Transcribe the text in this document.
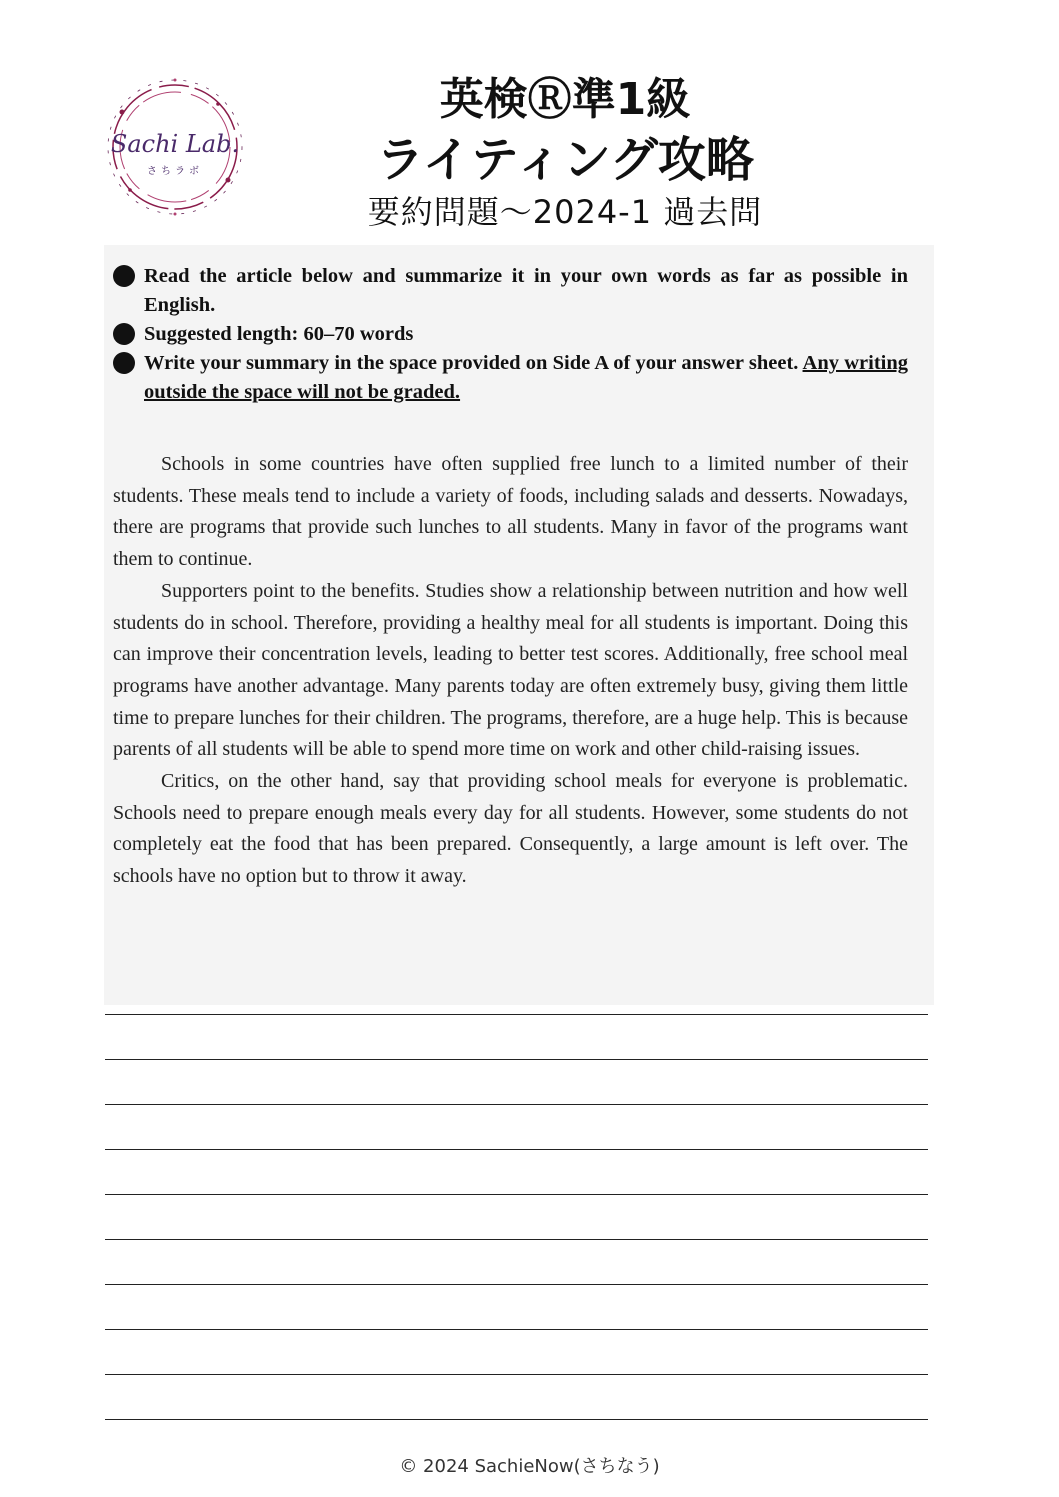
Sachi Lab.
さちラボ
英検Ⓡ準1級
ライティング攻略
要約問題～2024-1 過去問
Read the article below and summarize it in your own words as far as possible in English.
Suggested length: 60–70 words
Write your summary in the space provided on Side A of your answer sheet. Any writing outside the space will not be graded.

Schools in some countries have often supplied free lunch to a limited number of their students. These meals tend to include a variety of foods, including salads and desserts. Nowadays, there are programs that provide such lunches to all students. Many in favor of the programs want them to continue.

Supporters point to the benefits. Studies show a relationship between nutrition and how well students do in school. Therefore, providing a healthy meal for all students is important. Doing this can improve their concentration levels, leading to better test scores. Additionally, free school meal programs have another advantage. Many parents today are often extremely busy, giving them little time to prepare lunches for their children. The programs, therefore, are a huge help. This is because parents of all students will be able to spend more time on work and other child-raising issues.

Critics, on the other hand, say that providing school meals for everyone is problematic. Schools need to prepare enough meals every day for all students. However, some students do not completely eat the food that has been prepared. Consequently, a large amount is left over. The schools have no option but to throw it away.

© 2024 SachieNow(さちなう)
